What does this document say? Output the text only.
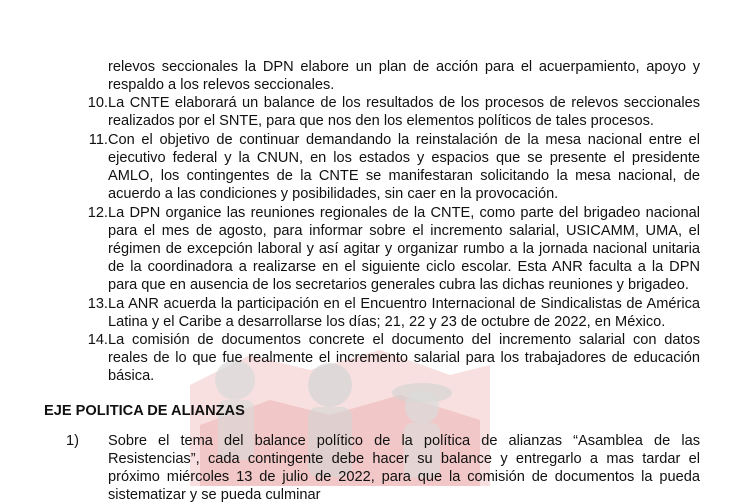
relevos seccionales la DPN elabore un plan de acción para el acuerpamiento, apoyo y respaldo a los relevos seccionales.
10. La CNTE elaborará un balance de los resultados de los procesos de relevos seccionales realizados por el SNTE, para que nos den los elementos políticos de tales procesos.
11. Con el objetivo de continuar demandando la reinstalación de la mesa nacional entre el ejecutivo federal y la CNUN, en los estados y espacios que se presente el presidente AMLO, los contingentes de la CNTE se manifestaran solicitando la mesa nacional, de acuerdo a las condiciones y posibilidades, sin caer en la provocación.
12. La DPN organice las reuniones regionales de la CNTE, como parte del brigadeo nacional para el mes de agosto, para informar sobre el incremento salarial, USICAMM, UMA, el régimen de excepción laboral y así agitar y organizar rumbo a la jornada nacional unitaria de la coordinadora a realizarse en el siguiente ciclo escolar. Esta ANR faculta a la DPN para que en ausencia de los secretarios generales cubra las dichas reuniones y brigadeo.
13. La ANR acuerda la participación en el Encuentro Internacional de Sindicalistas de América Latina y el Caribe a desarrollarse los días; 21, 22 y 23 de octubre de 2022, en México.
14. La comisión de documentos concrete el documento del incremento salarial con datos reales de lo que fue realmente el incremento salarial para los trabajadores de educación básica.
EJE POLITICA DE ALIANZAS
1)	Sobre el tema del balance político de la política de alianzas “Asamblea de las Resistencias”, cada contingente debe hacer su balance y entregarlo a mas tardar el próximo miércoles 13 de julio de 2022, para que la comisión de documentos la pueda sistematizar y se pueda culminar
